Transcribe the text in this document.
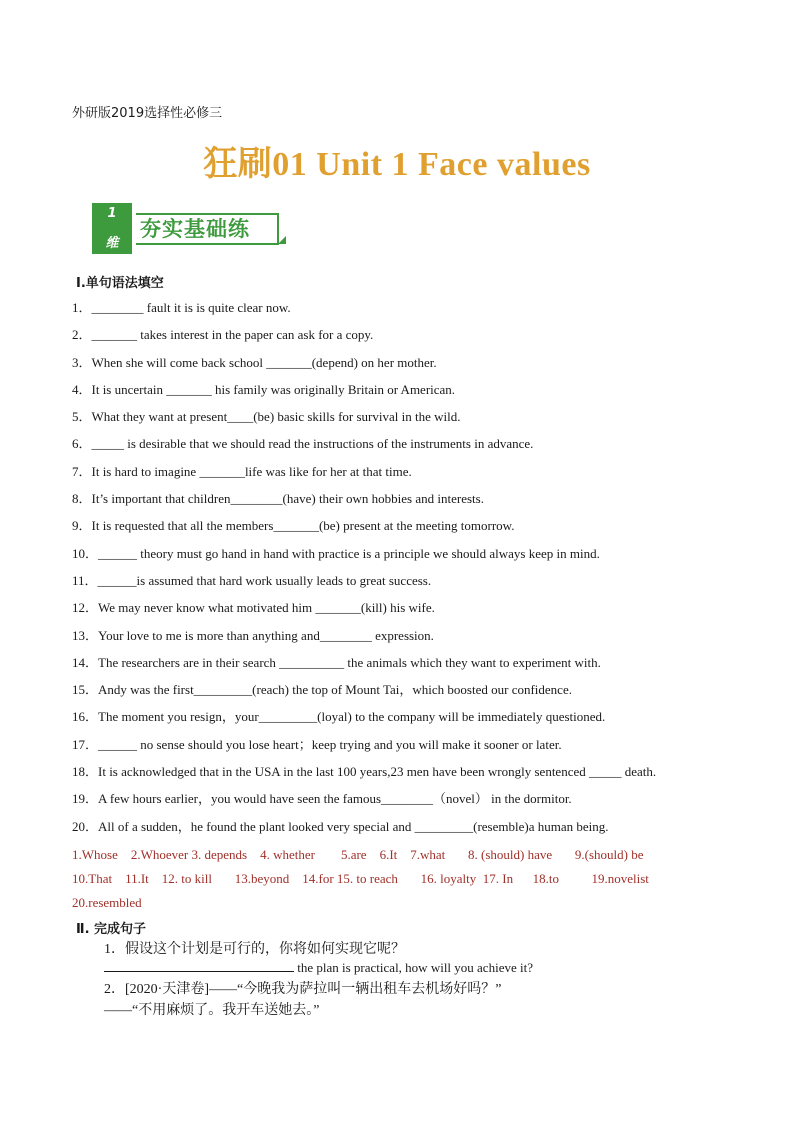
外研版2019选择性必修三
狂刷01 Unit 1 Face values
1
维
夯实基础练
Ⅰ.单句语法填空
1．________ fault it is is quite clear now.
2．_______ takes interest in the paper can ask for a copy.
3．When she will come back school _______(depend) on her mother.
4．It is uncertain _______ his family was originally Britain or American.
5．What they want at present____(be) basic skills for survival in the wild.
6．_____ is desirable that we should read the instructions of the instruments in advance.
7．It is hard to imagine _______life was like for her at that time.
8．It’s important that children________(have) their own hobbies and interests.
9．It is requested that all the members_______(be) present at the meeting tomorrow.
10．______ theory must go hand in hand with practice is a principle we should always keep in mind.
11．______is assumed that hard work usually leads to great success.
12．We may never know what motivated him _______(kill) his wife.
13．Your love to me is more than anything and________ expression.
14．The researchers are in their search __________ the animals which they want to experiment with.
15．Andy was the first_________(reach) the top of Mount Tai，which boosted our confidence.
16．The moment you resign，your_________(loyal) to the company will be immediately questioned.
17．______ no sense should you lose heart；keep trying and you will make it sooner or later.
18．It is acknowledged that in the USA in the last 100 years,23 men have been wrongly sentenced _____ death.
19．A few hours earlier，you would have seen the famous________（novel） in the dormitor.
20．All of a sudden，he found the plant looked very special and _________(resemble)a human being.
1.Whose    2.Whoever 3. depends    4. whether        5.are    6.It    7.what       8. (should) have       9.(should) be
10.That    11.It    12. to kill       13.beyond    14.for 15. to reach       16. loyalty  17. In      18.to          19.novelist
20.resembled
Ⅱ. 完成句子
1．假设这个计划是可行的，你将如何实现它呢？
the plan is practical, how will you achieve it?
2．[2020·天津卷]——“今晚我为萨拉叫一辆出租车去机场好吗？”
——“不用麻烦了。我开车送她去。”
